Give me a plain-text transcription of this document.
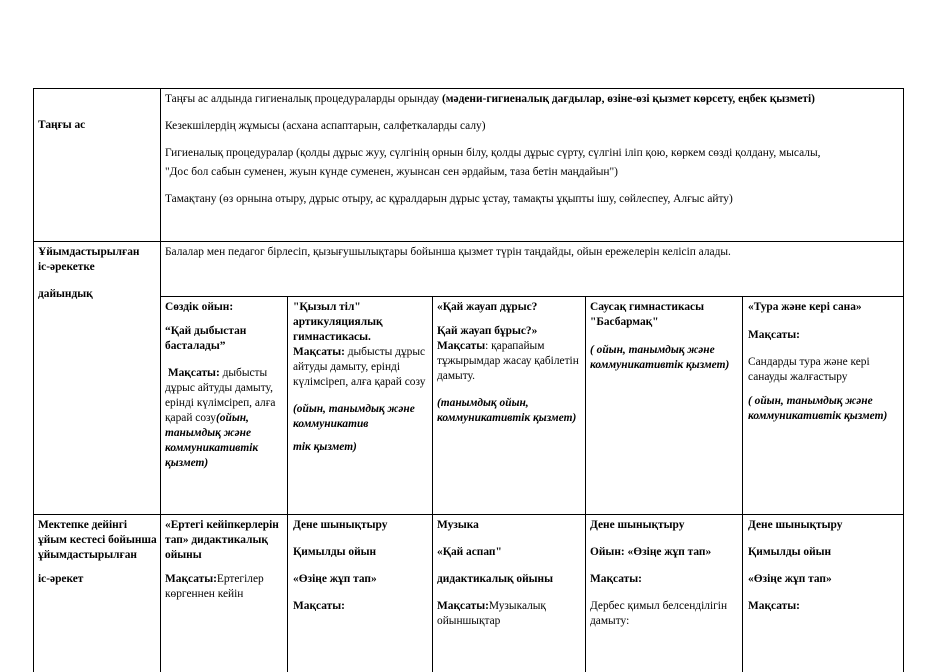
Таңғы ас

Таңғы ас алдында гигиеналық процедураларды орындау (мәдени-гигиеналық дағдылар, өзіне-өзі қызмет көрсету, еңбек қызметі)

Кезекшілердің жұмысы (асхана аспаптарын, салфеткаларды салу)

Гигиеналық процедуралар (қолды дұрыс жуу, сүлгінің орнын білу, қолды дұрыс сүрту, сүлгіні іліп қою, көркем сөзді қолдану, мысалы,

"Дос бол сабын суменен, жуын күнде суменен, жуынсан сен әрдайым, таза бетін маңдайын")

Тамақтану (өз орнына отыру, дұрыс отыру, ас құралдарын дұрыс ұстау, тамақты ұқыпты ішу, сөйлеспеу, Алғыс айту)

Ұйымдастырылған

іс-әрекетке

дайындық

Балалар мен педагог бірлесіп, қызығушылықтары бойынша қызмет түрін таңдайды, ойын ережелерін келісіп алады.

Сөздік ойын:

“Қай дыбыстан басталады”

Мақсаты: дыбысты дұрыс айтуды дамыту, ерінді күлімсіреп, алға қарай созу(ойын, танымдық және коммуникативтік қызмет)

"Қызыл тіл" артикуляциялық гимнастикасы.

Мақсаты: дыбысты дұрыс айтуды дамыту, ерінді күлімсіреп, алға қарай созу

(ойын, танымдық және коммуникатив

тік қызмет)

«Қай жауап дұрыс?

Қай жауап бұрыс?»

Мақсаты: қарапайым тұжырымдар жасау қабілетін дамыту.

(танымдық ойын, коммуникативтік қызмет)

Саусақ гимнастикасы "Басбармақ"

( ойын, танымдық және коммуникативтік қызмет)

«Тура және кері сана»

Мақсаты:

Сандарды тура және кері санауды жалғастыру

( ойын, танымдық және коммуникативтік қызмет)

Мектепке дейінгі ұйым кестесі бойынша ұйымдастырылған

іс-әрекет

«Ертегі кейіпкерлерін тап» дидактикалық ойыны

Мақсаты:Ертегілер көргеннен кейін

Дене шынықтыру

Қимылды ойын

«Өзіңе жұп тап»

Мақсаты:

Музыка

«Қай аспап"

дидактикалық ойыны

Мақсаты:Музыкалық ойыншықтар

Дене шынықтыру

Ойын: «Өзіңе жұп тап»

Мақсаты:

Дербес қимыл белсенділігін дамыту:

Дене шынықтыру

Қимылды ойын

«Өзіңе жұп тап»

Мақсаты:
